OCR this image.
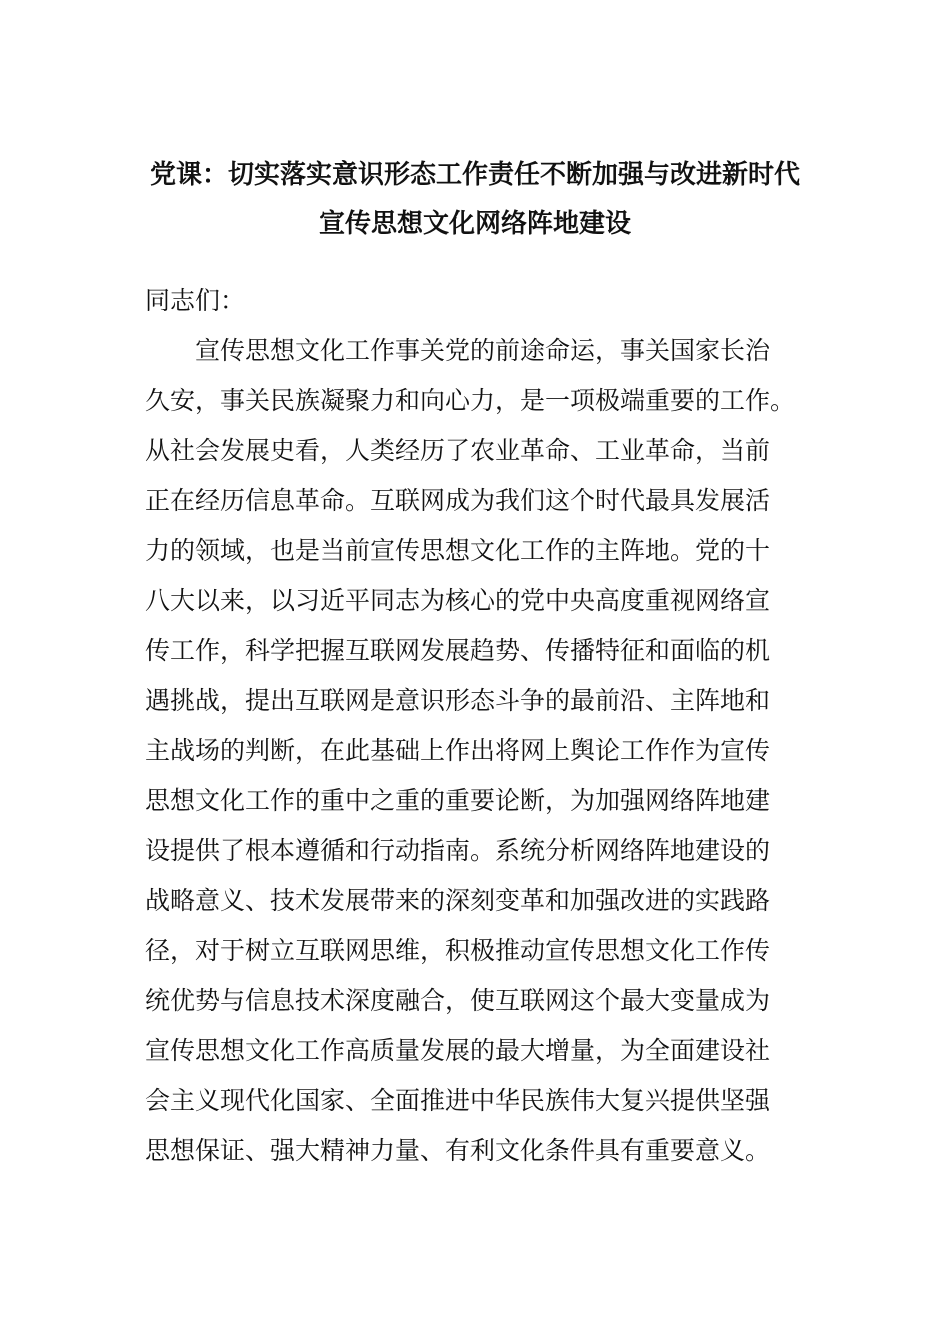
党课：切实落实意识形态工作责任不断加强与改进新时代
宣传思想文化网络阵地建设
同志们：
宣传思想文化工作事关党的前途命运，事关国家长治
久安，事关民族凝聚力和向心力，是一项极端重要的工作。
从社会发展史看，人类经历了农业革命、工业革命，当前
正在经历信息革命。互联网成为我们这个时代最具发展活
力的领域，也是当前宣传思想文化工作的主阵地。党的十
八大以来，以习近平同志为核心的党中央高度重视网络宣
传工作，科学把握互联网发展趋势、传播特征和面临的机
遇挑战，提出互联网是意识形态斗争的最前沿、主阵地和
主战场的判断，在此基础上作出将网上舆论工作作为宣传
思想文化工作的重中之重的重要论断，为加强网络阵地建
设提供了根本遵循和行动指南。系统分析网络阵地建设的
战略意义、技术发展带来的深刻变革和加强改进的实践路
径，对于树立互联网思维，积极推动宣传思想文化工作传
统优势与信息技术深度融合，使互联网这个最大变量成为
宣传思想文化工作高质量发展的最大增量，为全面建设社
会主义现代化国家、全面推进中华民族伟大复兴提供坚强
思想保证、强大精神力量、有利文化条件具有重要意义。
